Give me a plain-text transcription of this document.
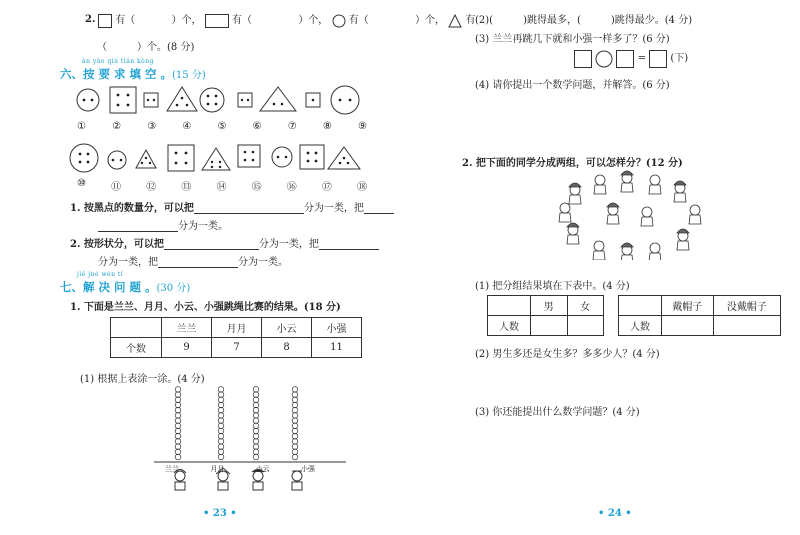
2.	有（	）个，	有（	）个， 有（	）个， 有
（　　　）个。(8 分)
àn yāo qiú tián kòng
六、按 要 求 填 空 。(15 分)
①	②	③	④	⑤	⑥	⑦	⑧	⑨
⑩	⑪	⑫	⑬	⑭	⑮	⑯	⑰	⑱
1. 按黑点的数量分，可以把	分为一类，把
分为一类。
2. 按形状分，可以把	分为一类，把
分为一类，把	分为一类。
jiě jué wèn tí
七、解 决 问 题 。(30 分)
1. 下面是兰兰、月月、小云、小强跳绳比赛的结果。(18 分)
	兰兰	月月	小云	小强
个数	9	7	8	11
(1) 根据上表涂一涂。(4 分)
兰兰	月月	小云	小强
• 23 •
(2)(　　　)跳得最多，(　　　)跳得最少。(4 分)
(3) 兰兰再跳几下就和小强一样多了？(6 分)
= (下)
(4) 请你提出一个数学问题，并解答。(6 分)
2. 把下面的同学分成两组，可以怎样分？(12 分)
(1) 把分组结果填在下表中。(4 分)
	男	女
人数		
	戴帽子	没戴帽子
人数		
(2) 男生多还是女生多？多多少人？(4 分)
(3) 你还能提出什么数学问题？(4 分)
• 24 •
